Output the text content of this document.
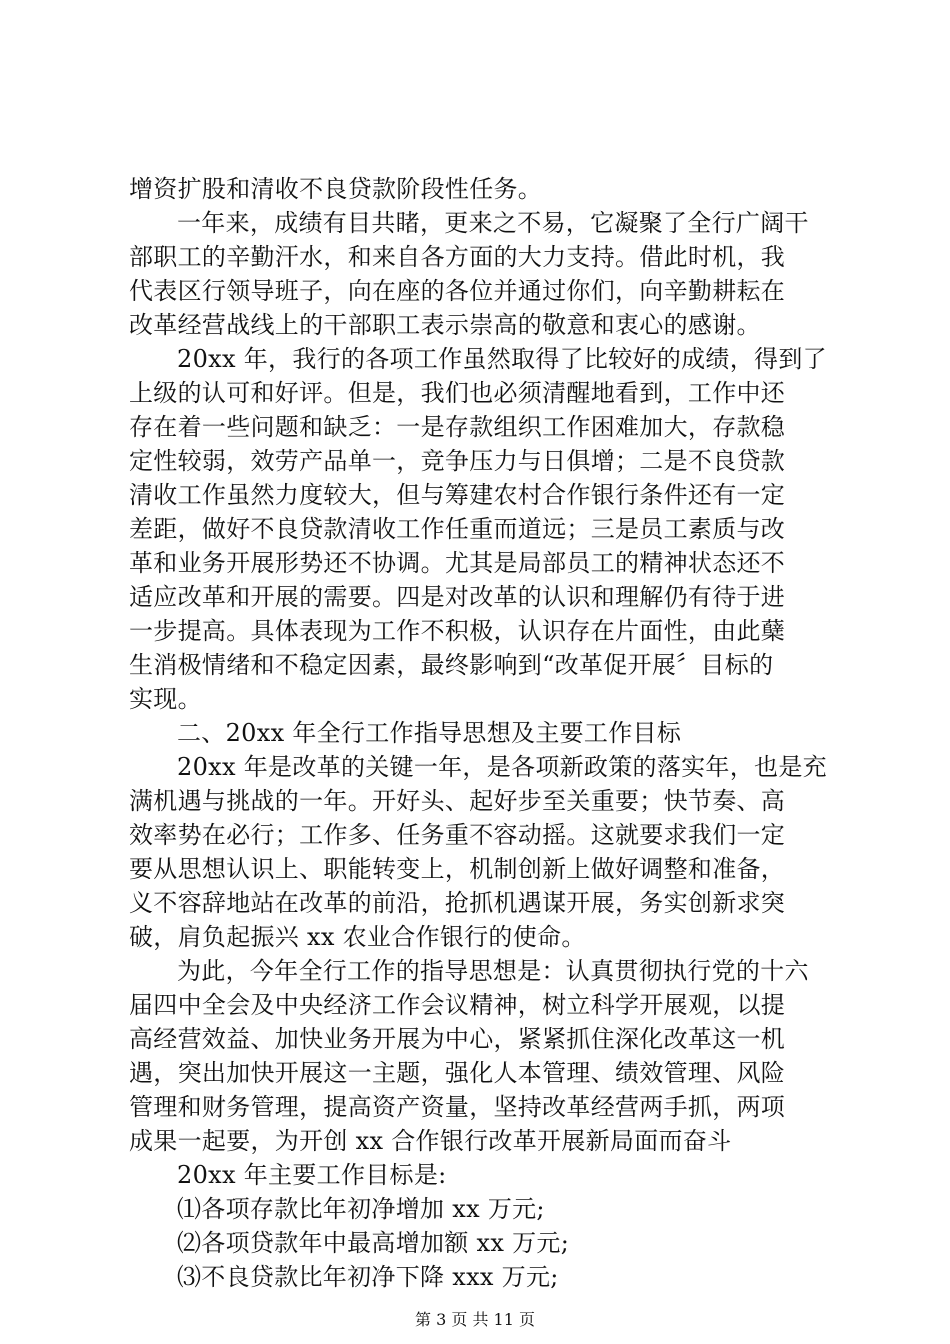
增资扩股和清收不良贷款阶段性任务。
一年来，成绩有目共睹，更来之不易，它凝聚了全行广阔干
部职工的辛勤汗水，和来自各方面的大力支持。借此时机，我
代表区行领导班子，向在座的各位并通过你们，向辛勤耕耘在
改革经营战线上的干部职工表示崇高的敬意和衷心的感谢。
20xx 年，我行的各项工作虽然取得了比较好的成绩，得到了
上级的认可和好评。但是，我们也必须清醒地看到，工作中还
存在着一些问题和缺乏：一是存款组织工作困难加大，存款稳
定性较弱，效劳产品单一，竞争压力与日俱增；二是不良贷款
清收工作虽然力度较大，但与筹建农村合作银行条件还有一定
差距，做好不良贷款清收工作任重而道远；三是员工素质与改
革和业务开展形势还不协调。尤其是局部员工的精神状态还不
适应改革和开展的需要。四是对改革的认识和理解仍有待于进
一步提高。具体表现为工作不积极，认识存在片面性，由此蘖
生消极情绪和不稳定因素，最终影响到“改革促开展〞目标的
实现。
二、20xx 年全行工作指导思想及主要工作目标
20xx 年是改革的关键一年，是各项新政策的落实年，也是充
满机遇与挑战的一年。开好头、起好步至关重要；快节奏、高
效率势在必行；工作多、任务重不容动摇。这就要求我们一定
要从思想认识上、职能转变上，机制创新上做好调整和准备，
义不容辞地站在改革的前沿，抢抓机遇谋开展，务实创新求突
破，肩负起振兴 xx 农业合作银行的使命。
为此，今年全行工作的指导思想是：认真贯彻执行党的十六
届四中全会及中央经济工作会议精神，树立科学开展观，以提
高经营效益、加快业务开展为中心，紧紧抓住深化改革这一机
遇，突出加快开展这一主题，强化人本管理、绩效管理、风险
管理和财务管理，提高资产资量，坚持改革经营两手抓，两项
成果一起要，为开创 xx 合作银行改革开展新局面而奋斗
20xx 年主要工作目标是:
⑴各项存款比年初净增加 xx 万元;
⑵各项贷款年中最高增加额 xx 万元;
⑶不良贷款比年初净下降 xxx 万元;
第 3 页 共 11 页
